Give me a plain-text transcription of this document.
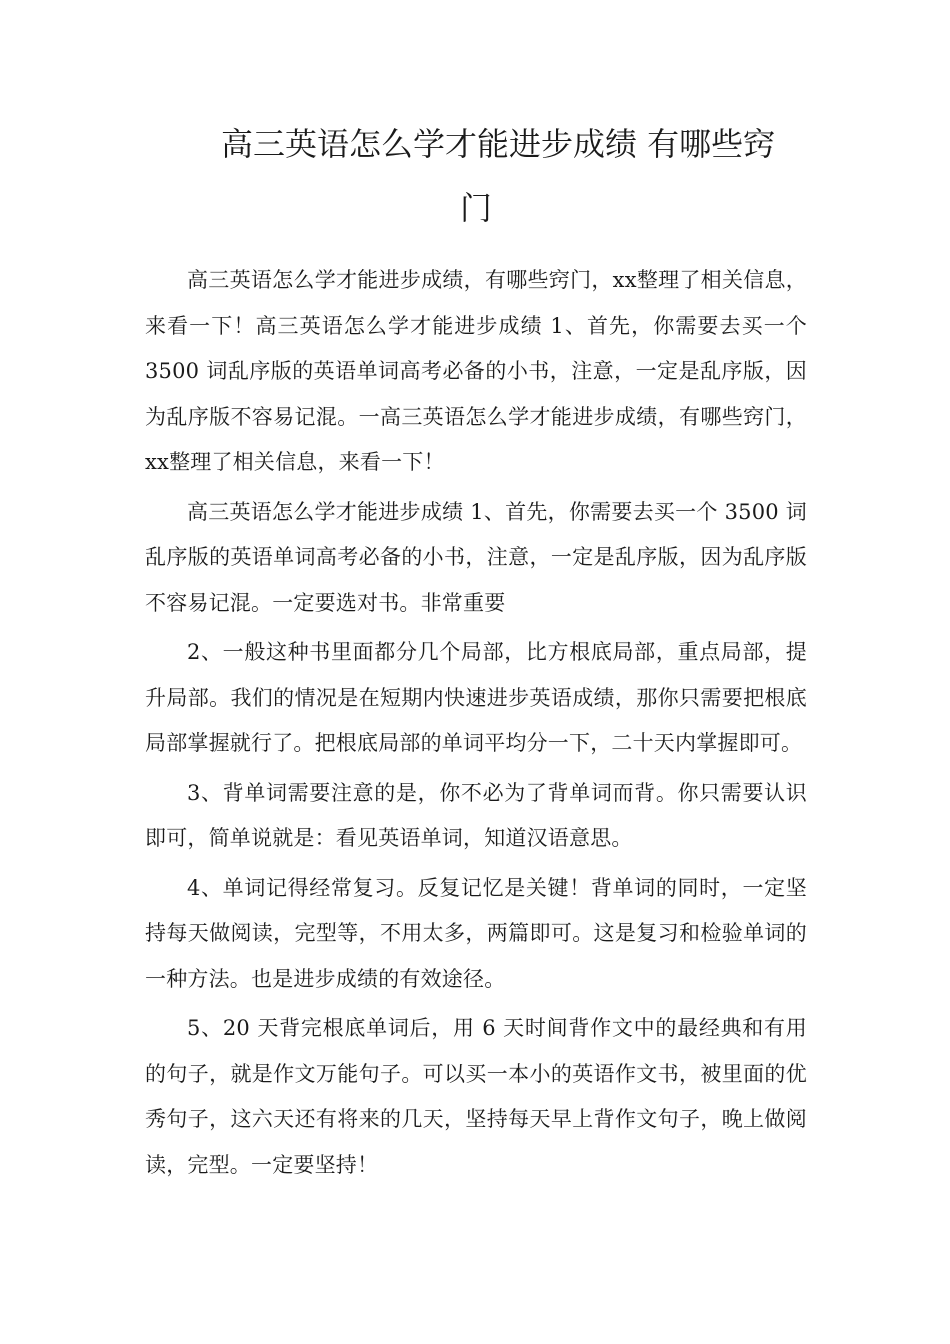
高三英语怎么学才能进步成绩 有哪些窍
门

高三英语怎么学才能进步成绩，有哪些窍门，xx整理了相关信息，来看一下！高三英语怎么学才能进步成绩 1、首先，你需要去买一个 3500 词乱序版的英语单词高考必备的小书，注意，一定是乱序版，因为乱序版不容易记混。一高三英语怎么学才能进步成绩，有哪些窍门，xx整理了相关信息，来看一下！

高三英语怎么学才能进步成绩 1、首先，你需要去买一个 3500 词乱序版的英语单词高考必备的小书，注意，一定是乱序版，因为乱序版不容易记混。一定要选对书。非常重要

2、一般这种书里面都分几个局部，比方根底局部，重点局部，提升局部。我们的情况是在短期内快速进步英语成绩，那你只需要把根底局部掌握就行了。把根底局部的单词平均分一下，二十天内掌握即可。

3、背单词需要注意的是，你不必为了背单词而背。你只需要认识即可，简单说就是：看见英语单词，知道汉语意思。

4、单词记得经常复习。反复记忆是关键！背单词的同时，一定坚持每天做阅读，完型等，不用太多，两篇即可。这是复习和检验单词的一种方法。也是进步成绩的有效途径。

5、20 天背完根底单词后，用 6 天时间背作文中的最经典和有用的句子，就是作文万能句子。可以买一本小的英语作文书，被里面的优秀句子，这六天还有将来的几天，坚持每天早上背作文句子，晚上做阅读，完型。一定要坚持！
